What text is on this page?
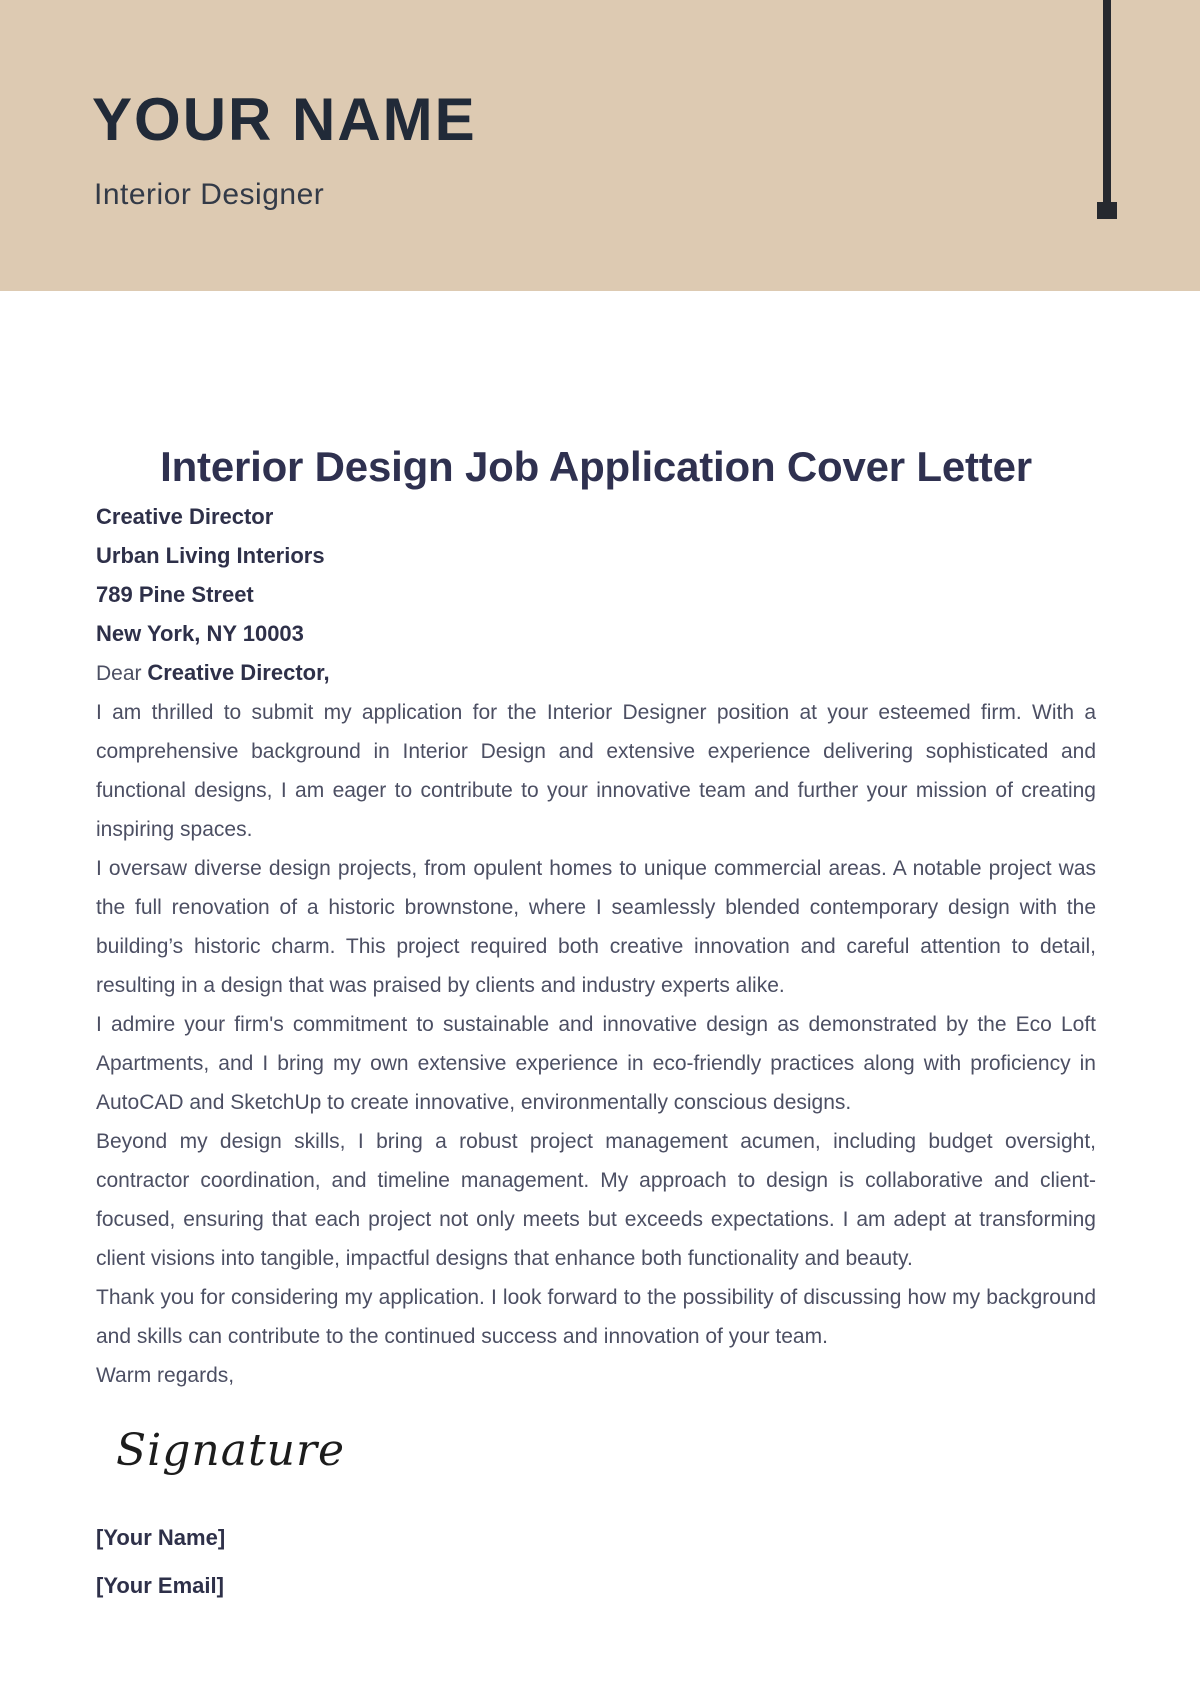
YOUR NAME
Interior Designer
Interior Design Job Application Cover Letter
Creative Director
Urban Living Interiors
789 Pine Street
New York, NY 10003
Dear Creative Director,

I am thrilled to submit my application for the Interior Designer position at your esteemed firm. With a comprehensive background in Interior Design and extensive experience delivering sophisticated and functional designs, I am eager to contribute to your innovative team and further your mission of creating inspiring spaces.

I oversaw diverse design projects, from opulent homes to unique commercial areas. A notable project was the full renovation of a historic brownstone, where I seamlessly blended contemporary design with the building’s historic charm. This project required both creative innovation and careful attention to detail, resulting in a design that was praised by clients and industry experts alike.

I admire your firm's commitment to sustainable and innovative design as demonstrated by the Eco Loft Apartments, and I bring my own extensive experience in eco-friendly practices along with proficiency in AutoCAD and SketchUp to create innovative, environmentally conscious designs.

Beyond my design skills, I bring a robust project management acumen, including budget oversight, contractor coordination, and timeline management. My approach to design is collaborative and client-focused, ensuring that each project not only meets but exceeds expectations. I am adept at transforming client visions into tangible, impactful designs that enhance both functionality and beauty.

Thank you for considering my application. I look forward to the possibility of discussing how my background and skills can contribute to the continued success and innovation of your team.

Warm regards,
Signature
[Your Name]
[Your Email]
